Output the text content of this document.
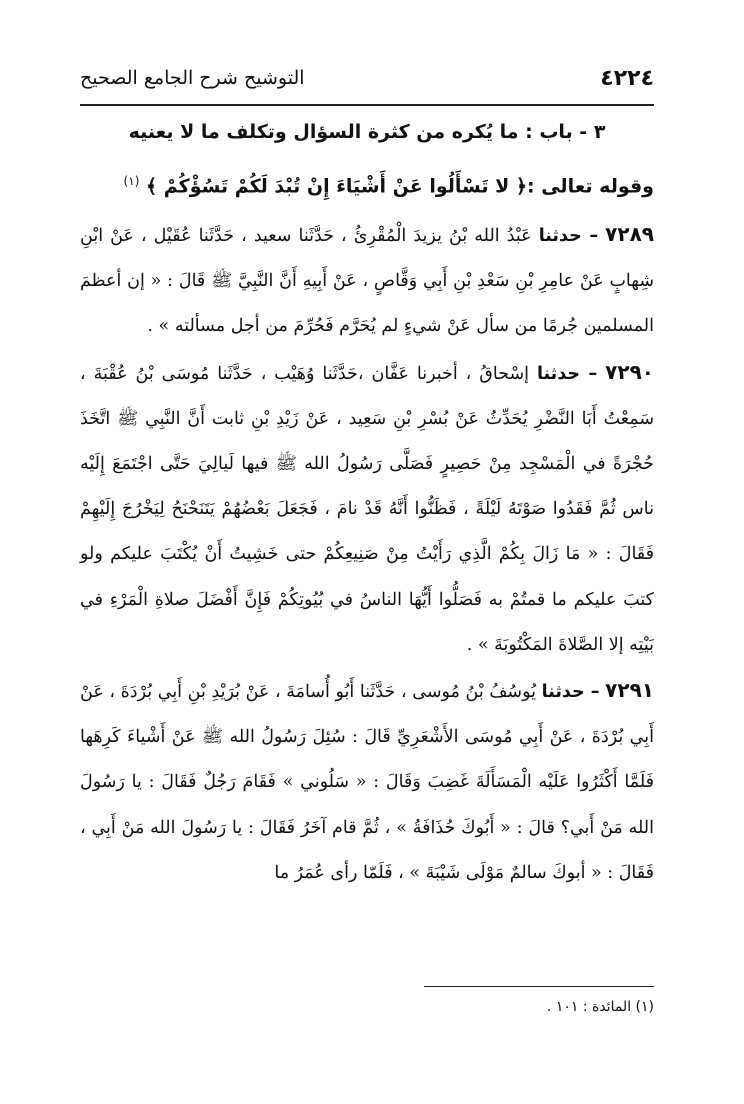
٤٢٢٤
التوشيح شرح الجامع الصحيح
٣ - باب : ما يُكره من كثرة السؤال وتكلف ما لا يعنيه
وقوله تعالى :﴿ لا تَسْأَلُوا عَنْ أَشْيَاءَ إِنْ تُبْدَ لَكُمْ تَسُؤْكُمْ ﴾ $^{(١)}$

٧٢٨٩ – حدثنا عَبْدُ الله بْنُ يزيدَ الْمُقْرِئُ ، حَدَّثَنا سعيد ، حَدَّثَنا عُقَيْل ، عَنْ ابْنِ شِهابٍ عَنْ عامِرِ بْنِ سَعْدِ بْنِ أَبِي وَقَّاصٍ ، عَنْ أَبِيهِ أَنَّ النَّبِيَّ ﷺ قَالَ : « إن أعظمَ المسلمين جُرمًا من سأل عَنْ شيءٍ لم يُحَرَّم فَحُرِّمَ من أجل مسألته » .

٧٢٩٠ – حدثنا إسْحاقُ ، أخبرنا عَفَّان ،حَدَّثَنا وُهَيْب ، حَدَّثَنا مُوسَى بْنُ عُقْبَةَ ، سَمِعْتُ أَبَا النَّضْرِ يُحَدِّثُ عَنْ بُسْرِ بْنِ سَعِيد ، عَنْ زَيْدِ بْنِ ثابت أَنَّ النَّبِي ﷺ اتَّخَذَ حُجْرَةً في الْمَسْجِد مِنْ حَصِيرٍ فَصَلَّى رَسُولُ الله ﷺ فيها لَيالِيَ حَتَّى اجْتَمَعَ إِلَيْه ناس ثُمَّ فَقَدُوا صَوْتَهُ لَيْلَةً ، فَظَنُّوا أَنَّهُ قَدْ نامَ ، فَجَعَلَ بَعْضُهُمْ يَتَنَحْنَحُ لِيَخْرُجَ إِلَيْهِمْ فَقَالَ : « مَا زَالَ بِكُمْ الَّذِي رَأَيْتُ مِنْ صَنِيعِكُمْ حتى خَشِيتُ أَنْ يُكْتَبَ عليكم ولو كتبَ عليكم ما قمتُمْ به فَصَلُّوا أَيُّهَا الناسُ في بُيُوتِكُمْ فَإِنَّ أَفْضَلَ صلاةِ الْمَرْءِ في بَيْتِه إلا الصَّلاةَ المَكْتُوبَةَ » .

٧٢٩١ – حدثنا يُوسُفُ بْنُ مُوسى ، حَدَّثَنا أَبُو أُسامَةَ ، عَنْ بُرَيْدِ بْنِ أَبِي بُرْدَةَ ، عَنْ أَبِي بُرْدَةَ ، عَنْ أَبِي مُوسَى الأَشْعَرِيِّ قَالَ : سُئِلَ رَسُولُ الله ﷺ عَنْ أَشْياءَ كَرِهَها فَلَمَّا أَكْثَرُوا عَلَيْه الْمَسَأَلَةَ غَضِبَ وَقَالَ : « سَلُوني » فَقَامَ رَجُلٌ فَقَالَ : يا رَسُولَ الله مَنْ أَبي؟ قالَ : « أَبُوكَ حُذَافَةُ » ، ثُمَّ قام آخَرُ فَقَالَ : يا رَسُولَ الله مَنْ أَبِي ، فَقَالَ : « أبوكَ سالمٌ مَوْلَى شَيْبَةَ » ، فَلَمّا رأى عُمَرُ ما

(١) المائدة : ١٠١ .
